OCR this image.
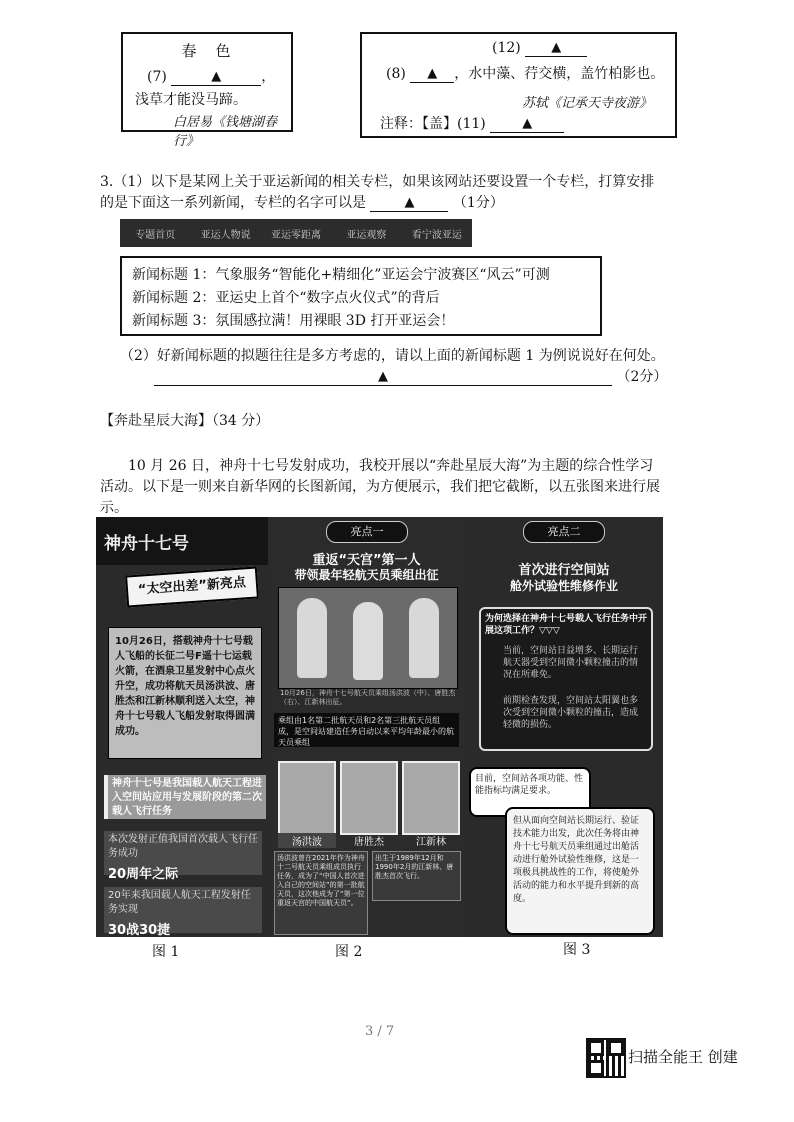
春　色
(7) ▲	，
浅草才能没马蹄。
白居易《钱塘湖春行》
(12) ▲
(8) ▲	，水中藻、荇交横，盖竹柏影也。
苏轼《记承天寺夜游》
注释：【盖】(11) ▲
3.（1）以下是某网上关于亚运新闻的相关专栏，如果该网站还要设置一个专栏，打算安排
的是下面这一系列新闻，专栏的名字可以是 ▲	（1分）
专题首页	亚运人物说	亚运零距离	亚运观察	看宁波亚运
新闻标题 1：气象服务“智能化+精细化”亚运会宁波赛区“风云”可测
新闻标题 2：亚运史上首个“数字点火仪式”的背后
新闻标题 3：氛围感拉满！用裸眼 3D 打开亚运会！
（2）好新闻标题的拟题往往是多方考虑的，请以上面的新闻标题 1 为例说说好在何处。
▲ （2分）
【奔赴星辰大海】（34 分）
10 月 26 日，神舟十七号发射成功，我校开展以“奔赴星辰大海”为主题的综合性学习
活动。以下是一则来自新华网的长图新闻，为方便展示，我们把它截断，以五张图来进行展
示。
神舟十七号
“太空出差”新亮点
10月26日，搭载神舟十七号载人飞船的长征二号F遥十七运载火箭，在酒泉卫星发射中心点火升空，成功将航天员汤洪波、唐胜杰和江新林顺利送入太空，神舟十七号载人飞船发射取得圆满成功。
神舟十七号是我国载人航天工程进入空间站应用与发展阶段的第二次载人飞行任务
本次发射正值我国首次载人飞行任务成功
20周年之际
20年来我国载人航天工程发射任务实现
30战30捷
亮点一
重返“天宫”第一人
带领最年轻航天员乘组出征
10月26日，神舟十七号航天员乘组汤洪波（中）、唐胜杰（右）、江新林出征。
乘组由1名第二批航天员和2名第三批航天员组成，是空间站建造任务启动以来平均年龄最小的航天员乘组
汤洪波	唐胜杰	江新林
汤洪波曾在2021年作为神舟十二号航天员乘组成员执行任务，成为了“中国人首次进入自己的空间站”的第一批航天员，这次他成为了“第一位重返天宫的中国航天员”。
出生于1989年12月和1990年2月的江新林、唐胜杰首次飞行。
亮点二
首次进行空间站
舱外试验性维修作业
为何选择在神舟十七号载人飞行任务中开展这项工作？▽▽▽
当前，空间站日益增多、长期运行航天器受到空间微小颗粒撞击的情况在所难免。
前期检查发现，空间站太阳翼也多次受到空间微小颗粒的撞击，造成轻微的损伤。
目前，空间站各项功能、性能指标均满足要求。
但从面向空间站长期运行、验证技术能力出发，此次任务将由神舟十七号航天员乘组通过出舱活动进行舱外试验性维修，这是一项极具挑战性的工作，将使舱外活动的能力和水平提升到新的高度。
图 1	图 2	图 3
3 / 7
扫描全能王 创建
